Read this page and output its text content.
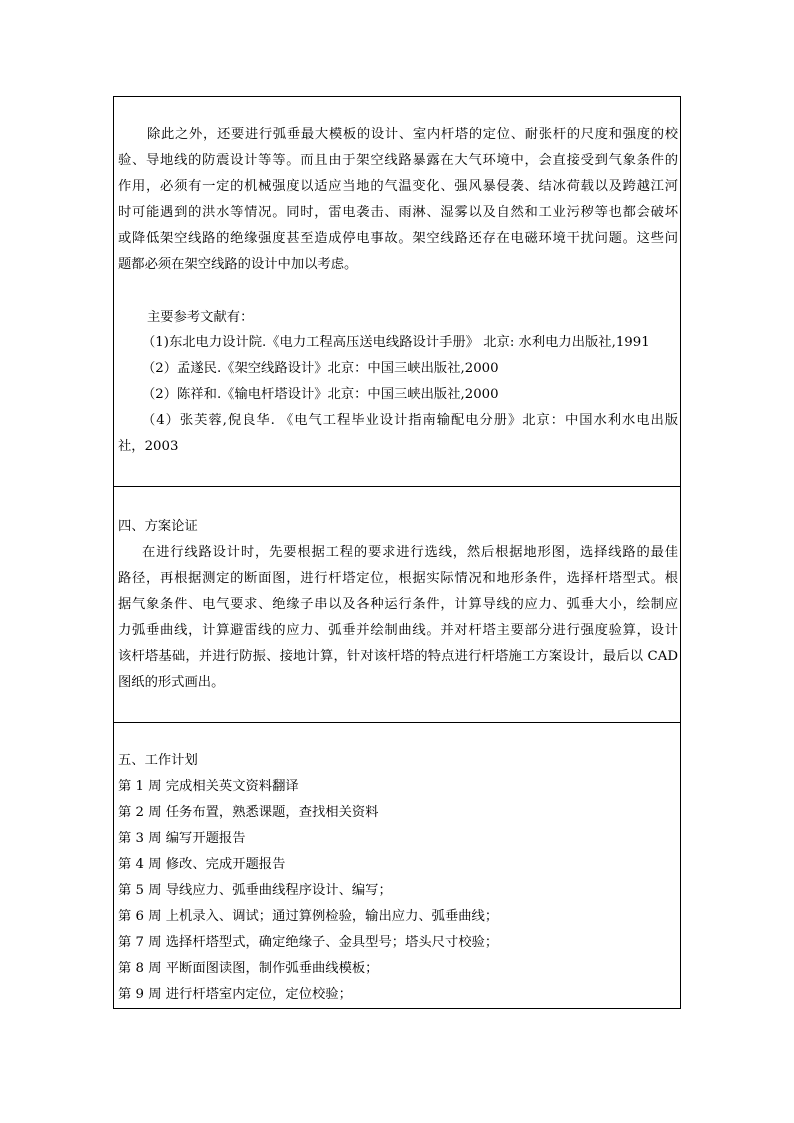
除此之外，还要进行弧垂最大模板的设计、室内杆塔的定位、耐张杆的尺度和强度的校
验、导地线的防震设计等等。而且由于架空线路暴露在大气环境中，会直接受到气象条件的
作用，必须有一定的机械强度以适应当地的气温变化、强风暴侵袭、结冰荷载以及跨越江河
时可能遇到的洪水等情况。同时，雷电袭击、雨淋、湿雾以及自然和工业污秽等也都会破坏
或降低架空线路的绝缘强度甚至造成停电事故。架空线路还存在电磁环境干扰问题。这些问
题都必须在架空线路的设计中加以考虑。
主要参考文献有：
（1)东北电力设计院.《电力工程高压送电线路设计手册》 北京: 水利电力出版社,1991
（2）孟遂民.《架空线路设计》北京：中国三峡出版社,2000
（2）陈祥和.《输电杆塔设计》北京：中国三峡出版社,2000
（4）张芙蓉,倪良华. 《电气工程毕业设计指南输配电分册》北京：中国水利水电出版
社，2003
四、方案论证
在进行线路设计时，先要根据工程的要求进行选线，然后根据地形图，选择线路的最佳
路径，再根据测定的断面图，进行杆塔定位，根据实际情况和地形条件，选择杆塔型式。根
据气象条件、电气要求、绝缘子串以及各种运行条件，计算导线的应力、弧垂大小，绘制应
力弧垂曲线，计算避雷线的应力、弧垂并绘制曲线。并对杆塔主要部分进行强度验算，设计
该杆塔基础，并进行防振、接地计算，针对该杆塔的特点进行杆塔施工方案设计，最后以 CAD
图纸的形式画出。
五、工作计划
第 1 周 完成相关英文资料翻译
第 2 周 任务布置，熟悉课题，查找相关资料
第 3 周 编写开题报告
第 4 周 修改、完成开题报告
第 5 周 导线应力、弧垂曲线程序设计、编写；
第 6 周 上机录入、调试；通过算例检验，输出应力、弧垂曲线；
第 7 周 选择杆塔型式，确定绝缘子、金具型号；塔头尺寸校验；
第 8 周 平断面图读图，制作弧垂曲线模板；
第 9 周 进行杆塔室内定位，定位校验；
